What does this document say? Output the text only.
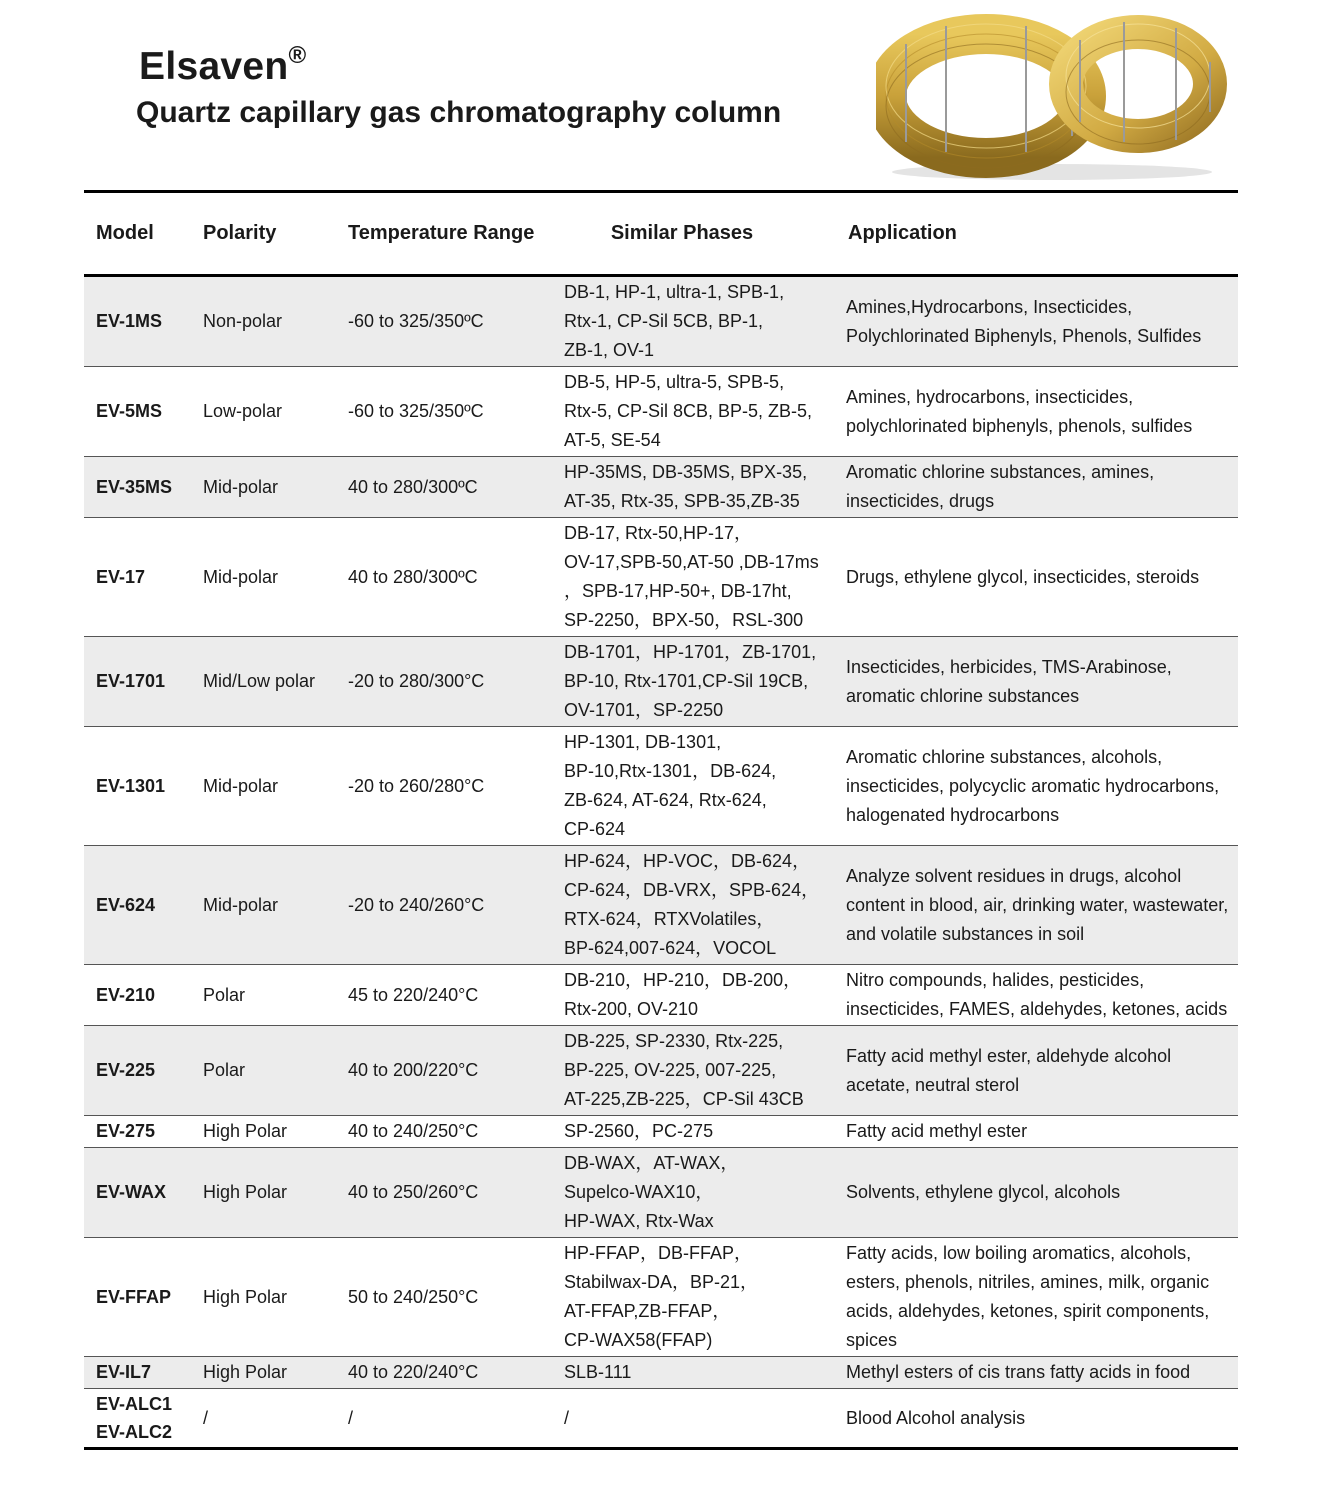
Elsaven®
Quartz capillary gas chromatography column
Model	Polarity	Temperature Range	Similar Phases	Application
EV-1MS	Non-polar	-60 to 325/350ºC	DB-1, HP-1, ultra-1, SPB-1,
Rtx-1, CP-Sil 5CB, BP-1,
ZB-1, OV-1	Amines,Hydrocarbons, Insecticides,
Polychlorinated Biphenyls, Phenols, Sulfides
EV-5MS	Low-polar	-60 to 325/350ºC	DB-5, HP-5, ultra-5, SPB-5,
Rtx-5, CP-Sil 8CB, BP-5, ZB-5,
AT-5, SE-54	Amines, hydrocarbons, insecticides,
polychlorinated biphenyls, phenols, sulfides
EV-35MS	Mid-polar	40 to 280/300ºC	HP-35MS, DB-35MS, BPX-35,
AT-35, Rtx-35, SPB-35,ZB-35	Aromatic chlorine substances, amines,
insecticides, drugs
EV-17	Mid-polar	40 to 280/300ºC	DB-17, Rtx-50,HP-17，
OV-17,SPB-50,AT-50 ,DB-17ms
，SPB-17,HP-50+, DB-17ht,
SP-2250，BPX-50，RSL-300	Drugs, ethylene glycol, insecticides, steroids
EV-1701	Mid/Low polar	-20 to 280/300°C	DB-1701，HP-1701，ZB-1701,
BP-10, Rtx-1701,CP-Sil 19CB,
OV-1701，SP-2250	Insecticides, herbicides, TMS-Arabinose,
aromatic chlorine substances
EV-1301	Mid-polar	-20 to 260/280°C	HP-1301, DB-1301,
BP-10,Rtx-1301，DB-624,
ZB-624, AT-624, Rtx-624,
CP-624	Aromatic chlorine substances, alcohols,
insecticides, polycyclic aromatic hydrocarbons,
halogenated hydrocarbons
EV-624	Mid-polar	-20 to 240/260°C	HP-624，HP-VOC，DB-624，
CP-624，DB-VRX，SPB-624，
RTX-624，RTXVolatiles，
BP-624,007-624，VOCOL	Analyze solvent residues in drugs, alcohol
content in blood, air, drinking water, wastewater,
and volatile substances in soil
EV-210	Polar	45 to 220/240°C	DB-210，HP-210，DB-200，
Rtx-200, OV-210	Nitro compounds, halides, pesticides,
insecticides, FAMES, aldehydes, ketones, acids
EV-225	Polar	40 to 200/220°C	DB-225, SP-2330, Rtx-225,
BP-225, OV-225, 007-225,
AT-225,ZB-225，CP-Sil 43CB	Fatty acid methyl ester, aldehyde alcohol
acetate, neutral sterol
EV-275	High Polar	40 to 240/250°C	SP-2560，PC-275	Fatty acid methyl ester
EV-WAX	High Polar	40 to 250/260°C	DB-WAX，AT-WAX，
Supelco-WAX10，
HP-WAX, Rtx-Wax	Solvents, ethylene glycol, alcohols
EV-FFAP	High Polar	50 to 240/250°C	HP-FFAP，DB-FFAP，
Stabilwax-DA，BP-21，
AT-FFAP,ZB-FFAP，
CP-WAX58(FFAP)	Fatty acids, low boiling aromatics, alcohols,
esters, phenols, nitriles, amines, milk, organic
acids, aldehydes, ketones, spirit components,
spices
EV-IL7	High Polar	40 to 220/240°C	SLB-111	Methyl esters of cis trans fatty acids in food
EV-ALC1
EV-ALC2	/	/	/	Blood Alcohol analysis
